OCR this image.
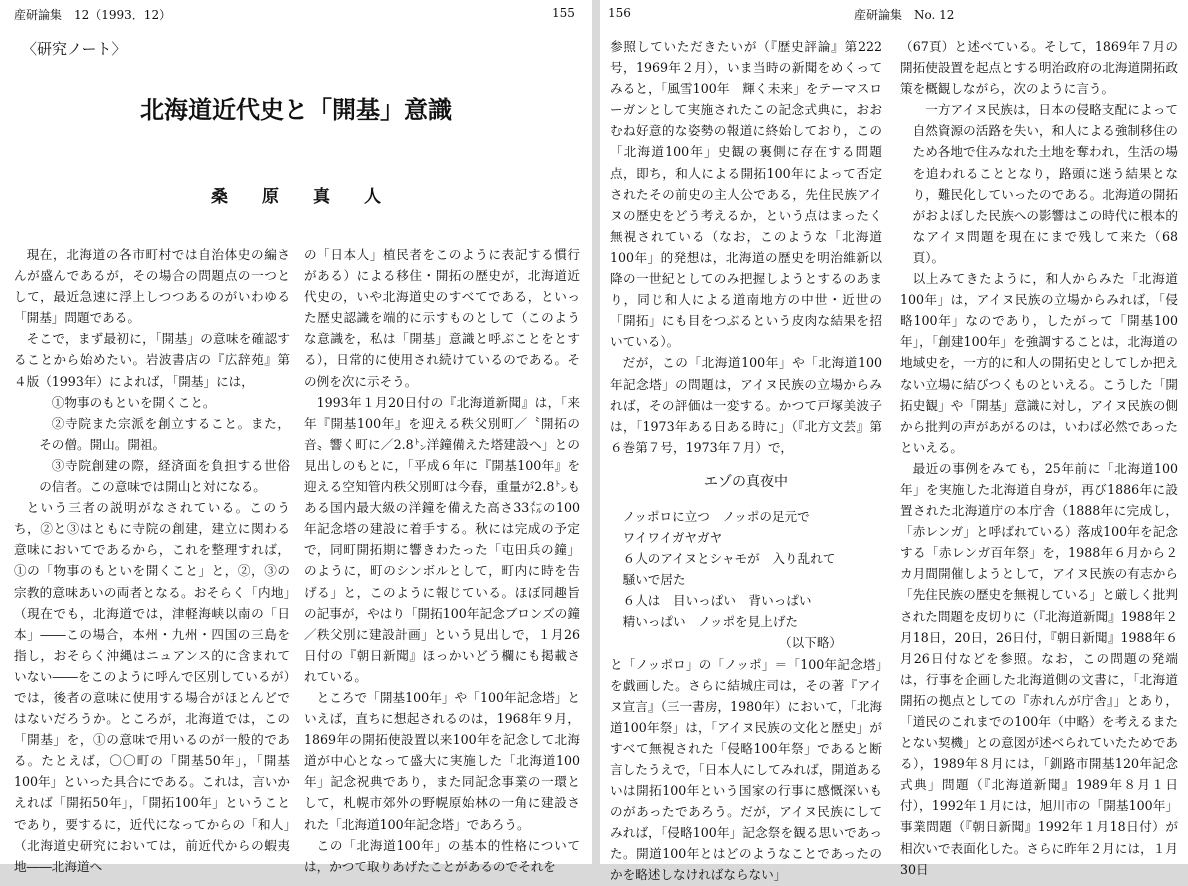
産研論集　12（1993．12）	155
〈研究ノート〉
北海道近代史と「開基」意識
桑　　原　　真　　人

現在，北海道の各市町村では自治体史の編さんが盛んであるが，その場合の問題点の一つとして，最近急速に浮上しつつあるのがいわゆる「開基」問題である。

そこで，まず最初に，「開基」の意味を確認することから始めたい。岩波書店の『広辞苑』第４版（1993年）によれば，「開基」には，

①物事のもといを開くこと。

②寺院また宗派を創立すること。また，その僧。開山。開祖。

③寺院創建の際，経済面を負担する世俗の信者。この意味では開山と対になる。

という三者の説明がなされている。このうち，②と③はともに寺院の創建，建立に関わる意味においてであるから，これを整理すれば，①の「物事のもといを開くこと」と，②，③の宗教的意味あいの両者となる。おそらく「内地」（現在でも，北海道では，津軽海峡以南の「日本」――この場合，本州・九州・四国の三島を指し，おそらく沖縄はニュアンス的に含まれていない――をこのように呼んで区別しているが）では，後者の意味に使用する場合がほとんどではないだろうか。ところが，北海道では，この「開基」を，①の意味で用いるのが一般的である。たとえば，〇〇町の「開基50年」，「開基100年」といった具合にである。これは，言いかえれば「開拓50年」，「開拓100年」ということであり，要するに，近代になってからの「和人」（北海道史研究においては，前近代からの蝦夷地――北海道へ

の「日本人」植民者をこのように表記する慣行がある）による移住・開拓の歴史が，北海道近代史の，いや北海道史のすべてである，といった歴史認識を端的に示すものとして（このような意識を，私は「開基」意識と呼ぶことをとする），日常的に使用され続けているのである。その例を次に示そう。

1993年１月20日付の『北海道新聞』は，「来年『開基100年』を迎える秩父別町／〝開拓の音〟響く町に／2.8㌧洋鐘備えた塔建設へ」との見出しのもとに，「平成６年に『開基100年』を迎える空知管内秩父別町は今春，重量が2.8㌧もある国内最大級の洋鐘を備えた高さ33㍍の100年記念塔の建設に着手する。秋には完成の予定で，同町開拓期に響きわたった「屯田兵の鐘」のように，町のシンボルとして，町内に時を告げる」と，このように報じている。ほぼ同趣旨の記事が，やはり「開拓100年記念ブロンズの鐘／秩父別に建設計画」という見出しで，１月26日付の『朝日新聞』ほっかいどう欄にも掲載されている。

ところで「開基100年」や「100年記念塔」といえば，直ちに想起されるのは，1968年９月，1869年の開拓使設置以来100年を記念して北海道が中心となって盛大に実施した「北海道100年」記念祝典であり，また同記念事業の一環として，札幌市郊外の野幌原始林の一角に建設された「北海道100年記念塔」であろう。

この「北海道100年」の基本的性格については，かつて取りあげたことがあるのでそれを

156	産研論集　No. 12

参照していただきたいが（『歴史評論』第222号，1969年２月），いま当時の新聞をめくってみると，「風雪100年　輝く未来」をテーマスローガンとして実施されたこの記念式典に，おおむね好意的な姿勢の報道に終始しており，この「北海道100年」史観の裏側に存在する問題点，即ち，和人による開拓100年によって否定されたその前史の主人公である，先住民族アイヌの歴史をどう考えるか，という点はまったく無視されている（なお，このような「北海道100年」的発想は，北海道の歴史を明治維新以降の一世紀としてのみ把握しようとするのあまり，同じ和人による道南地方の中世・近世の「開拓」にも目をつぶるという皮肉な結果を招いている）。

だが，この「北海道100年」や「北海道100年記念塔」の問題は，アイヌ民族の立場からみれば，その評価は一変する。かつて戸塚美波子は，「1973年ある日ある時に」（『北方文芸』第６巻第７号，1973年７月）で，

エゾの真夜中
ノッポロに立つ　ノッポの足元で
ワイワイガヤガヤ
６人のアイヌとシャモが　入り乱れて
騒いで居た
６人は　目いっぱい　背いっぱい
精いっぱい　ノッポを見上げた
（以下略）

と「ノッポロ」の「ノッポ」＝「100年記念塔」を戯画した。さらに結城庄司は，その著『アイヌ宣言』（三一書房，1980年）において，「北海道100年祭」は，「アイヌ民族の文化と歴史」がすべて無視された「侵略100年祭」であると断言したうえで，「日本人にしてみれば，開道あるいは開拓100年という国家の行事に感慨深いものがあったであろう。だが，アイヌ民族にしてみれば，「侵略100年」記念祭を観る思いであった。開道100年とはどのようなことであったのかを略述しなければならない」

（67頁）と述べている。そして，1869年７月の開拓使設置を起点とする明治政府の北海道開拓政策を概観しながら，次のように言う。

一方アイヌ民族は，日本の侵略支配によって自然資源の活路を失い，和人による強制移住のため各地で住みなれた土地を奪われ，生活の場を追われることとなり，路頭に迷う結果となり，難民化していったのである。北海道の開拓がおよぼした民族への影響はこの時代に根本的なアイヌ問題を現在にまで残して来た（68頁）。

以上みてきたように，和人からみた「北海道100年」は，アイヌ民族の立場からみれば，「侵略100年」なのであり，したがって「開基100年」，「創建100年」を強調することは，北海道の地域史を，一方的に和人の開拓史としてしか把えない立場に結びつくものといえる。こうした「開拓史観」や「開基」意識に対し，アイヌ民族の側から批判の声があがるのは，いわば必然であったといえる。

最近の事例をみても，25年前に「北海道100年」を実施した北海道自身が，再び1886年に設置された北海道庁の本庁舎（1888年に完成し，「赤レンガ」と呼ばれている）落成100年を記念する「赤レンガ百年祭」を，1988年６月から２カ月間開催しようとして，アイヌ民族の有志から「先住民族の歴史を無視している」と厳しく批判された問題を皮切りに（『北海道新聞』1988年２月18日，20日，26日付，『朝日新聞』1988年６月26日付などを参照。なお，この問題の発端は，行事を企画した北海道側の文書に，「北海道開拓の拠点としての『赤れんが庁舎』」とあり，「道民のこれまでの100年（中略）を考えるまたとない契機」との意図が述べられていたためである），1989年８月には，「釧路市開基120年記念式典」問題（『北海道新聞』1989年８月１日付），1992年１月には，旭川市の「開基100年」事業問題（『朝日新聞』1992年１月18日付）が相次いで表面化した。さらに昨年２月には，１月30日
